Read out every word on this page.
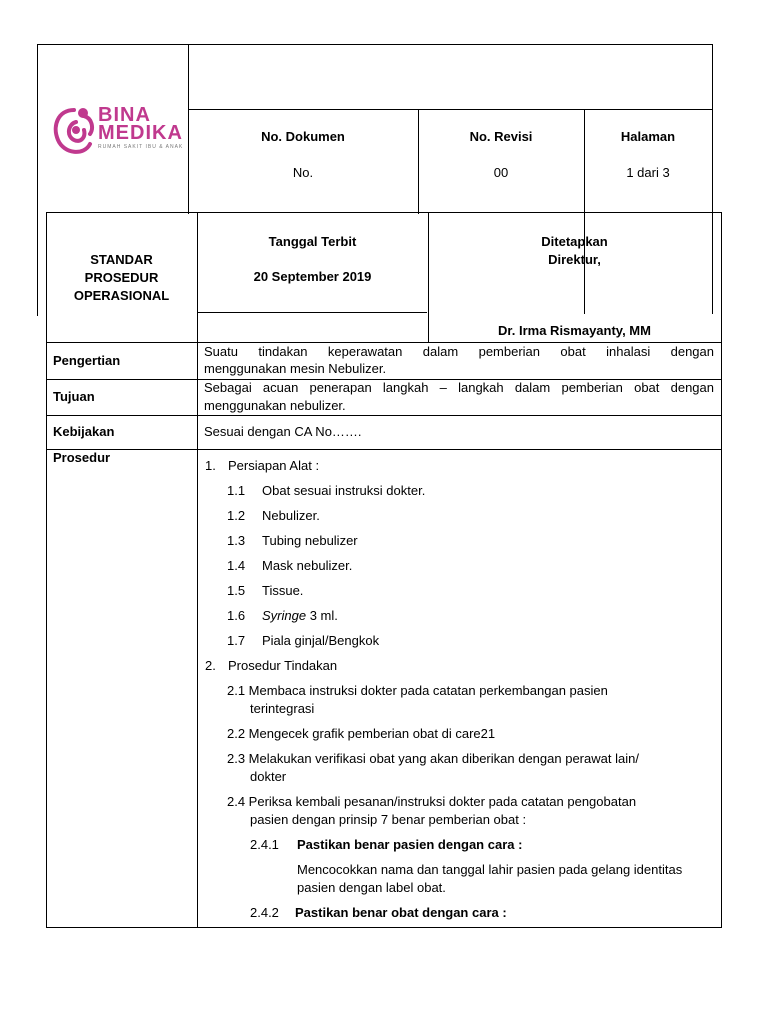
BINA
MEDIKA
RUMAH SAKIT IBU & ANAK
No. Dokumen
No.
No. Revisi
00
Halaman
1 dari 3
STANDAR
PROSEDUR
OPERASIONAL
Tanggal Terbit
20 September 2019
Ditetapkan
Direktur,
Dr. Irma Rismayanty, MM
Pengertian
Suatu tindakan keperawatan dalam pemberian obat inhalasi dengan
menggunakan mesin Nebulizer.
Tujuan
Sebagai acuan penerapan langkah – langkah dalam pemberian obat dengan
menggunakan nebulizer.
Kebijakan	Sesuai dengan CA No…….
Prosedur
1. Persiapan Alat :
1.1 Obat sesuai instruksi dokter.
1.2 Nebulizer.
1.3 Tubing nebulizer
1.4 Mask nebulizer.
1.5 Tissue.
1.6 Syringe 3 ml.
1.7 Piala ginjal/Bengkok
2. Prosedur Tindakan
2.1 Membaca instruksi dokter pada catatan perkembangan pasien
terintegrasi
2.2 Mengecek grafik pemberian obat di care21
2.3 Melakukan verifikasi obat yang akan diberikan dengan perawat lain/
dokter
2.4 Periksa kembali pesanan/instruksi dokter pada catatan pengobatan
pasien dengan prinsip 7 benar pemberian obat :
2.4.1 Pastikan benar pasien dengan cara :
Mencocokkan nama dan tanggal lahir pasien pada gelang identitas
pasien dengan label obat.
2.4.2 Pastikan benar obat dengan cara :
